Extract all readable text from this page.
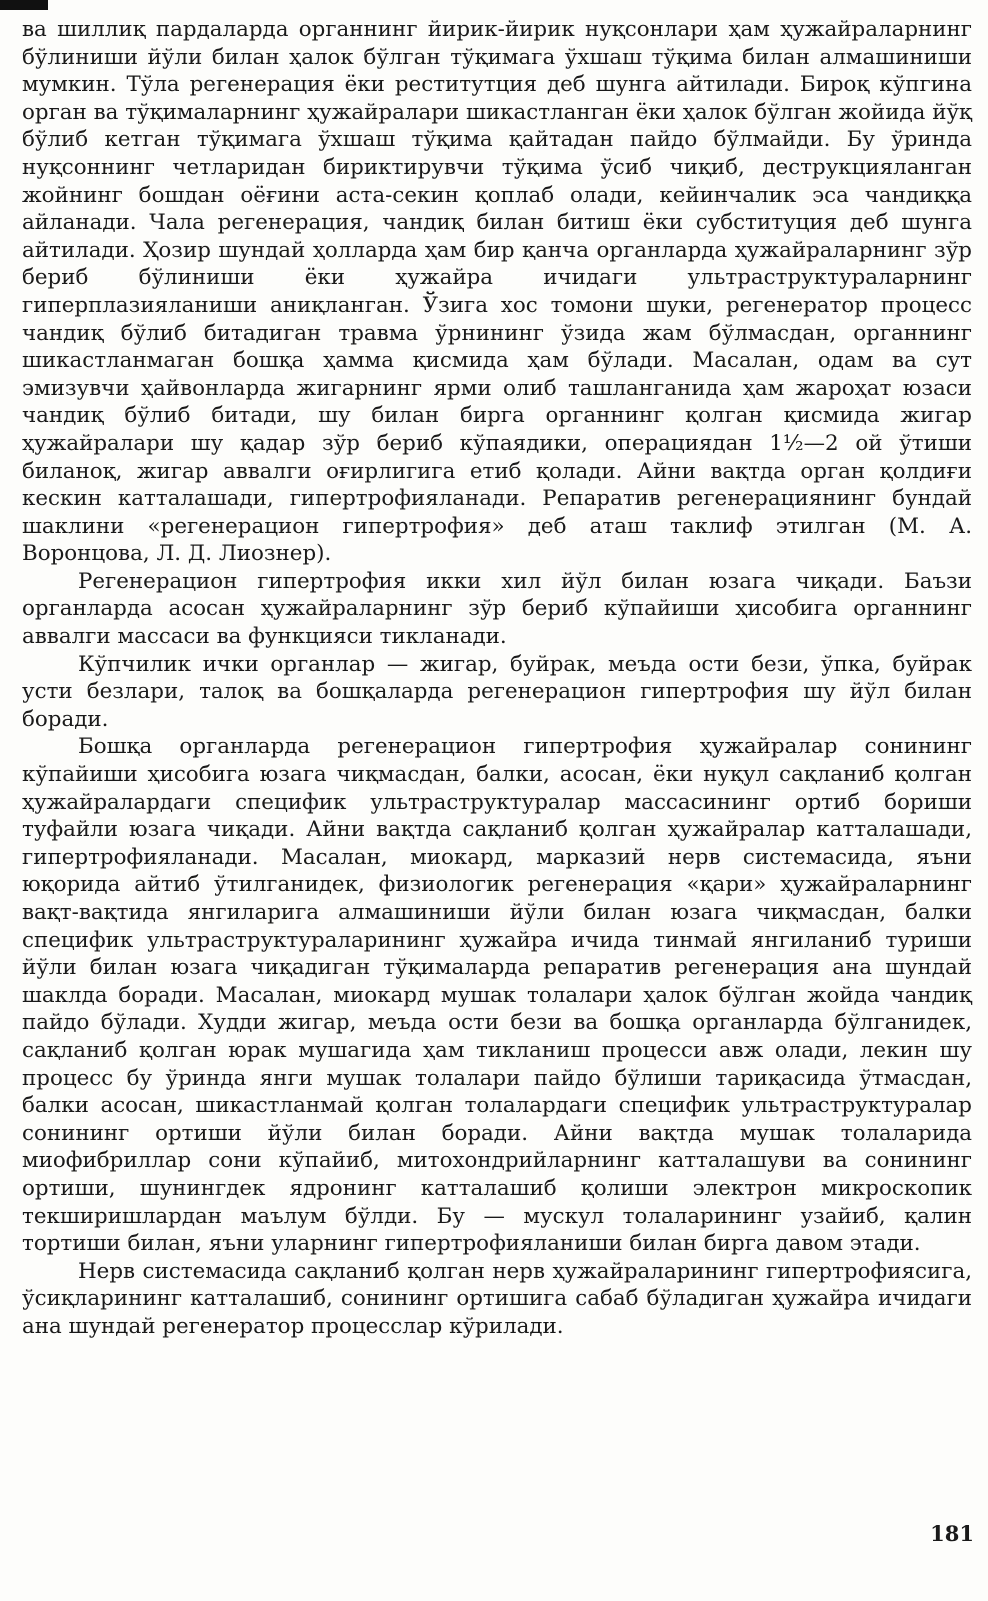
ва шиллиқ пардаларда органнинг йирик-йирик нуқсонлари ҳам ҳужайраларнинг бўлиниши йўли билан ҳалок бўлган тўқимага ўхшаш тўқима билан алмашиниши мумкин. Тўла регенерация ёки реститутция деб шунга айтилади. Бироқ кўпгина орган ва тўқималарнинг ҳужайралари шикастланган ёки ҳалок бўлган жойида йўқ бўлиб кетган тўқимага ўхшаш тўқима қайтадан пайдо бўлмайди. Бу ўринда нуқсоннинг четларидан бириктирувчи тўқима ўсиб чиқиб, деструкцияланган жойнинг бошдан оёғини аста-секин қоплаб олади, кейинчалик эса чандиққа айланади. Чала регенерация, чандиқ билан битиш ёки субституция деб шунга айтилади. Ҳозир шундай ҳолларда ҳам бир қанча органларда ҳужайраларнинг зўр бериб бўлиниши ёки ҳужайра ичидаги ультраструктураларнинг гиперплазияланиши аниқланган. Ўзига хос томони шуки, регенератор процесс чандиқ бўлиб битадиган травма ўрнининг ўзида жам бўлмасдан, органнинг шикастланмаган бошқа ҳамма қисмида ҳам бўлади. Масалан, одам ва сут эмизувчи ҳайвонларда жигарнинг ярми олиб ташланганида ҳам жароҳат юзаси чандиқ бўлиб битади, шу билан бирга органнинг қолган қисмида жигар ҳужайралари шу қадар зўр бериб кўпаядики, операциядан 1½—2 ой ўтиши биланоқ, жигар аввалги оғирлигига етиб қолади. Айни вақтда орган қолдиғи кескин катталашади, гипертрофияланади. Репаратив регенерациянинг бундай шаклини «регенерацион гипертрофия» деб аташ таклиф этилган (М. А. Воронцова, Л. Д. Лиознер).

Регенерацион гипертрофия икки хил йўл билан юзага чиқади. Баъзи органларда асосан ҳужайраларнинг зўр бериб кўпайиши ҳисобига органнинг аввалги массаси ва функцияси тикланади.

Кўпчилик ички органлар — жигар, буйрак, меъда ости бези, ўпка, буйрак усти безлари, талоқ ва бошқаларда регенерацион гипертрофия шу йўл билан боради.

Бошқа органларда регенерацион гипертрофия ҳужайралар сонининг кўпайиши ҳисобига юзага чиқмасдан, балки, асосан, ёки нуқул сақланиб қолган ҳужайралардаги специфик ультраструктуралар массасининг ортиб бориши туфайли юзага чиқади. Айни вақтда сақланиб қолган ҳужайралар катталашади, гипертрофияланади. Масалан, миокард, марказий нерв системасида, яъни юқорида айтиб ўтилганидек, физиологик регенерация «қари» ҳужайраларнинг вақт-вақтида янгиларига алмашиниши йўли билан юзага чиқмасдан, балки специфик ультраструктураларининг ҳужайра ичида тинмай янгиланиб туриши йўли билан юзага чиқадиган тўқималарда репаратив регенерация ана шундай шаклда боради. Масалан, миокард мушак толалари ҳалок бўлган жойда чандиқ пайдо бўлади. Худди жигар, меъда ости бези ва бошқа органларда бўлганидек, сақланиб қолган юрак мушагида ҳам тикланиш процесси авж олади, лекин шу процесс бу ўринда янги мушак толалари пайдо бўлиши тариқасида ўтмасдан, балки асосан, шикастланмай қолган толалардаги специфик ультраструктуралар сонининг ортиши йўли билан боради. Айни вақтда мушак толаларида миофибриллар сони кўпайиб, митохондрийларнинг катталашуви ва сонининг ортиши, шунингдек ядронинг катталашиб қолиши электрон микроскопик текширишлардан маълум бўлди. Бу — мускул толаларининг узайиб, қалин тортиши билан, яъни уларнинг гипертрофияланиши билан бирга давом этади.

Нерв системасида сақланиб қолган нерв ҳужайраларининг гипертрофиясига, ўсиқларининг катталашиб, сонининг ортишига сабаб бўладиган ҳужайра ичидаги ана шундай регенератор процесслар кўрилади.

181
